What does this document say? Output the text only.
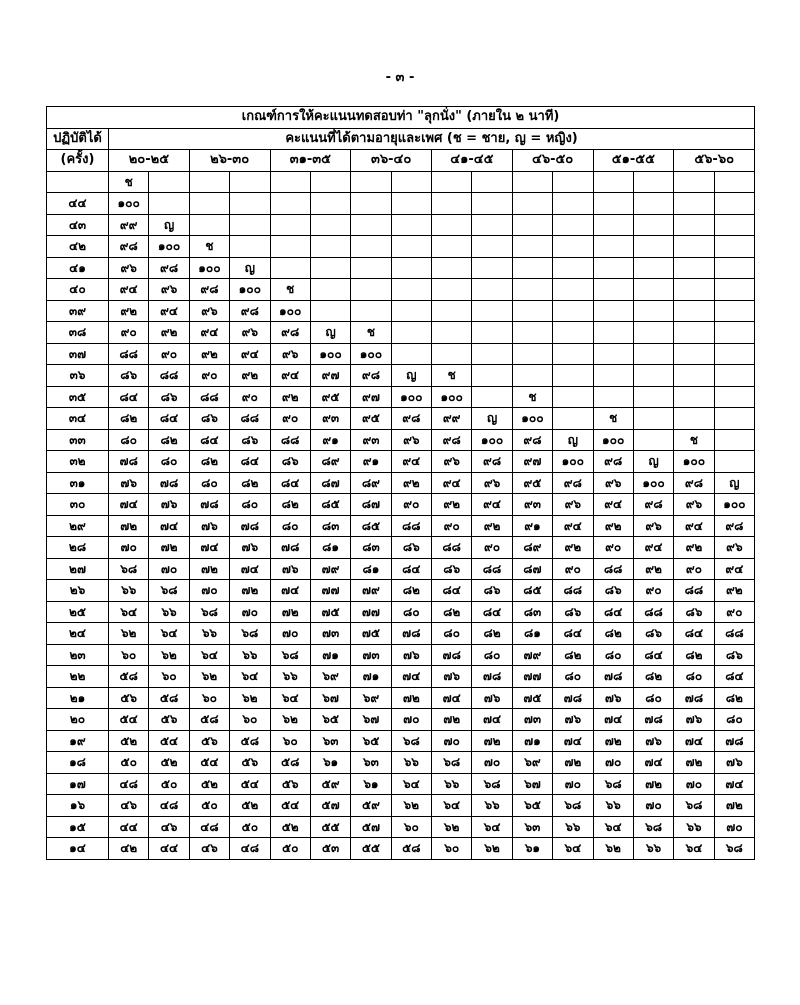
- ๓ -
เกณฑ์การให้คะแนนทดสอบท่า "ลุกนั่ง" (ภายใน ๒ นาที)																
ปฏิบัติได้	คะแนนที่ได้ตามอายุและเพศ (ช = ชาย, ญ = หญิง)															
(ครั้ง)	๒๐-๒๕		๒๖-๓๐		๓๑-๓๕		๓๖-๔๐		๔๑-๔๕		๔๖-๕๐		๕๑-๕๕		๕๖-๖๐	
	ช															
๔๔	๑๐๐															
๔๓	๙๙	ญ														
๔๒	๙๘	๑๐๐	ช													
๔๑	๙๖	๙๘	๑๐๐	ญ												
๔๐	๙๔	๙๖	๙๘	๑๐๐	ช											
๓๙	๙๒	๙๔	๙๖	๙๘	๑๐๐											
๓๘	๙๐	๙๒	๙๔	๙๖	๙๘	ญ	ช									
๓๗	๘๘	๙๐	๙๒	๙๔	๙๖	๑๐๐	๑๐๐									
๓๖	๘๖	๘๘	๙๐	๙๒	๙๔	๙๗	๙๘	ญ	ช							
๓๕	๘๔	๘๖	๘๘	๙๐	๙๒	๙๕	๙๗	๑๐๐	๑๐๐		ช					
๓๔	๘๒	๘๔	๘๖	๘๘	๙๐	๙๓	๙๕	๙๘	๙๙	ญ	๑๐๐		ช			
๓๓	๘๐	๘๒	๘๔	๘๖	๘๘	๙๑	๙๓	๙๖	๙๘	๑๐๐	๙๘	ญ	๑๐๐		ช	
๓๒	๗๘	๘๐	๘๒	๘๔	๘๖	๘๙	๙๑	๙๔	๙๖	๙๘	๙๗	๑๐๐	๙๘	ญ	๑๐๐	
๓๑	๗๖	๗๘	๘๐	๘๒	๘๔	๘๗	๘๙	๙๒	๙๔	๙๖	๙๕	๙๘	๙๖	๑๐๐	๙๘	ญ
๓๐	๗๔	๗๖	๗๘	๘๐	๘๒	๘๕	๘๗	๙๐	๙๒	๙๔	๙๓	๙๖	๙๔	๙๘	๙๖	๑๐๐
๒๙	๗๒	๗๔	๗๖	๗๘	๘๐	๘๓	๘๕	๘๘	๙๐	๙๒	๙๑	๙๔	๙๒	๙๖	๙๔	๙๘
๒๘	๗๐	๗๒	๗๔	๗๖	๗๘	๘๑	๘๓	๘๖	๘๘	๙๐	๘๙	๙๒	๙๐	๙๔	๙๒	๙๖
๒๗	๖๘	๗๐	๗๒	๗๔	๗๖	๗๙	๘๑	๘๔	๘๖	๘๘	๘๗	๙๐	๘๘	๙๒	๙๐	๙๔
๒๖	๖๖	๖๘	๗๐	๗๒	๗๔	๗๗	๗๙	๘๒	๘๔	๘๖	๘๕	๘๘	๘๖	๙๐	๘๘	๙๒
๒๕	๖๔	๖๖	๖๘	๗๐	๗๒	๗๕	๗๗	๘๐	๘๒	๘๔	๘๓	๘๖	๘๔	๘๘	๘๖	๙๐
๒๔	๖๒	๖๔	๖๖	๖๘	๗๐	๗๓	๗๕	๗๘	๘๐	๘๒	๘๑	๘๔	๘๒	๘๖	๘๔	๘๘
๒๓	๖๐	๖๒	๖๔	๖๖	๖๘	๗๑	๗๓	๗๖	๗๘	๘๐	๗๙	๘๒	๘๐	๘๔	๘๒	๘๖
๒๒	๕๘	๖๐	๖๒	๖๔	๖๖	๖๙	๗๑	๗๔	๗๖	๗๘	๗๗	๘๐	๗๘	๘๒	๘๐	๘๔
๒๑	๕๖	๕๘	๖๐	๖๒	๖๔	๖๗	๖๙	๗๒	๗๔	๗๖	๗๕	๗๘	๗๖	๘๐	๗๘	๘๒
๒๐	๕๔	๕๖	๕๘	๖๐	๖๒	๖๕	๖๗	๗๐	๗๒	๗๔	๗๓	๗๖	๗๔	๗๘	๗๖	๘๐
๑๙	๕๒	๕๔	๕๖	๕๘	๖๐	๖๓	๖๕	๖๘	๗๐	๗๒	๗๑	๗๔	๗๒	๗๖	๗๔	๗๘
๑๘	๕๐	๕๒	๕๔	๕๖	๕๘	๖๑	๖๓	๖๖	๖๘	๗๐	๖๙	๗๒	๗๐	๗๔	๗๒	๗๖
๑๗	๔๘	๕๐	๕๒	๕๔	๕๖	๕๙	๖๑	๖๔	๖๖	๖๘	๖๗	๗๐	๖๘	๗๒	๗๐	๗๔
๑๖	๔๖	๔๘	๕๐	๕๒	๕๔	๕๗	๕๙	๖๒	๖๔	๖๖	๖๕	๖๘	๖๖	๗๐	๖๘	๗๒
๑๕	๔๔	๔๖	๔๘	๕๐	๕๒	๕๕	๕๗	๖๐	๖๒	๖๔	๖๓	๖๖	๖๔	๖๘	๖๖	๗๐
๑๔	๔๒	๔๔	๔๖	๔๘	๕๐	๕๓	๕๕	๕๘	๖๐	๖๒	๖๑	๖๔	๖๒	๖๖	๖๔	๖๘
